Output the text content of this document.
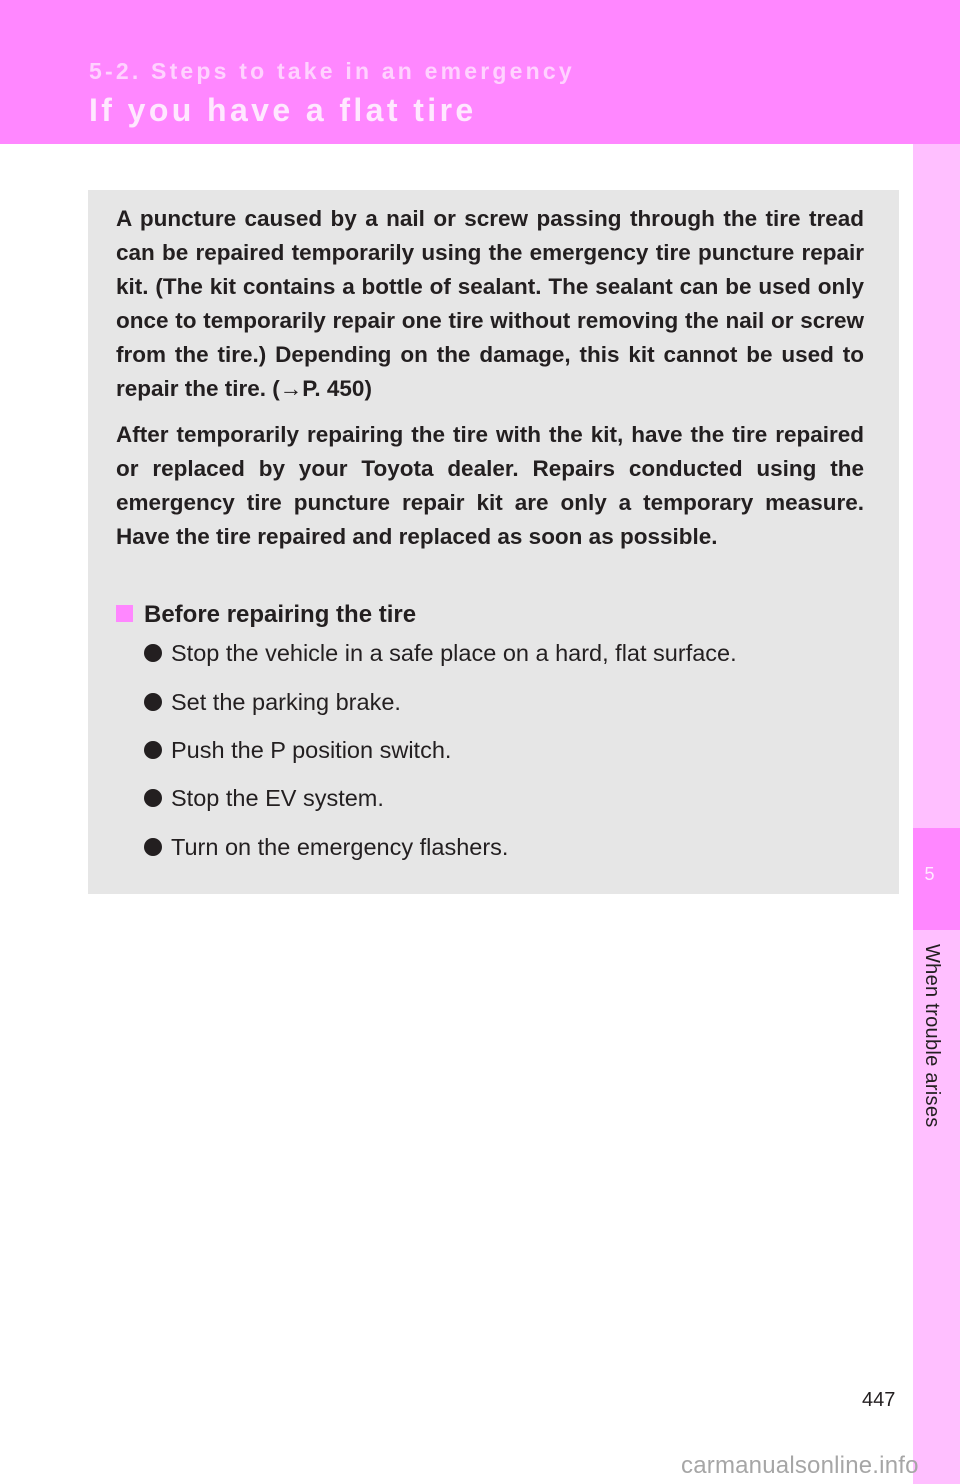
5-2. Steps to take in an emergency
If you have a flat tire
5
When trouble arises

A puncture caused by a nail or screw passing through the tire tread can be repaired temporarily using the emergency tire puncture repair kit. (The kit contains a bottle of sealant. The sealant can be used only once to temporarily repair one tire without removing the nail or screw from the tire.) Depending on the damage, this kit cannot be used to repair the tire. (→P. 450)

After temporarily repairing the tire with the kit, have the tire repaired or replaced by your Toyota dealer. Repairs conducted using the emergency tire puncture repair kit are only a temporary measure. Have the tire repaired and replaced as soon as possible.

Before repairing the tire
Stop the vehicle in a safe place on a hard, flat surface.
Set the parking brake.
Push the P position switch.
Stop the EV system.
Turn on the emergency flashers.
447
carmanualsonline.info
